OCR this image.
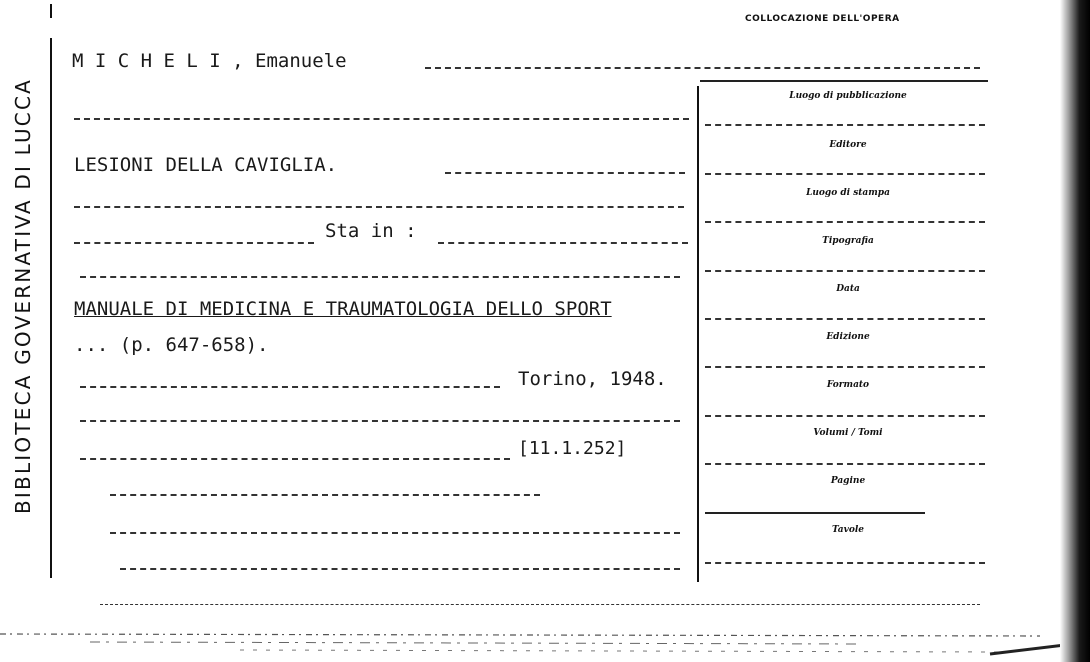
BIBLIOTECA GOVERNATIVA DI LUCCA
COLLOCAZIONE DELL'OPERA
M I C H E L I , Emanuele
LESIONI DELLA CAVIGLIA.
Sta in :
MANUALE DI MEDICINA E TRAUMATOLOGIA DELLO SPORT
... (p. 647-658).
Torino, 1948.
[11.1.252]
Luogo di pubblicazione
Editore
Luogo di stampa
Tipografia
Data
Edizione
Formato
Volumi / Tomi
Pagine
Tavole
